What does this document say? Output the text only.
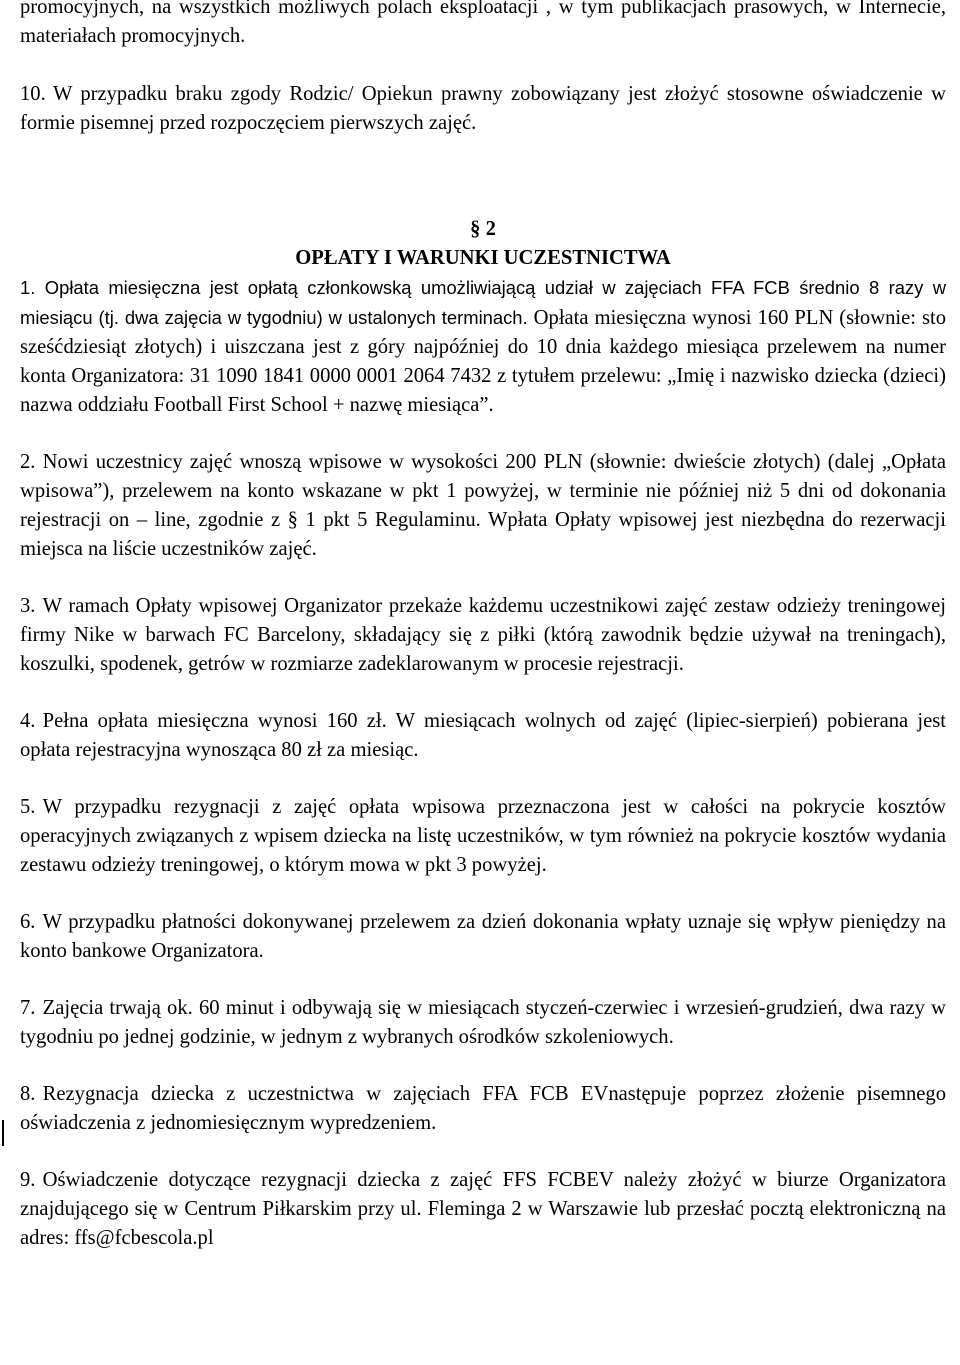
promocyjnych, na wszystkich możliwych polach eksploatacji , w tym publikacjach prasowych, w Internecie, materiałach promocyjnych.

10. W przypadku braku zgody Rodzic/ Opiekun prawny zobowiązany jest złożyć stosowne oświadczenie w formie pisemnej przed rozpoczęciem pierwszych zajęć.

§ 2

OPŁATY I WARUNKI UCZESTNICTWA

1. Opłata miesięczna jest opłatą członkowską umożliwiającą udział w zajęciach FFA FCB średnio 8 razy w miesiącu (tj. dwa zajęcia w tygodniu) w ustalonych terminach. Opłata miesięczna wynosi 160 PLN (słownie: sto sześćdziesiąt złotych) i uiszczana jest z góry najpóźniej do 10 dnia każdego miesiąca przelewem na numer konta Organizatora: 31 1090 1841 0000 0001 2064 7432 z tytułem przelewu: „Imię i nazwisko dziecka (dzieci) nazwa oddziału Football First School + nazwę miesiąca”.

2. Nowi uczestnicy zajęć wnoszą wpisowe w wysokości 200 PLN (słownie: dwieście złotych) (dalej „Opłata wpisowa”), przelewem na konto wskazane w pkt 1 powyżej, w terminie nie później niż 5 dni od dokonania rejestracji on – line, zgodnie z § 1 pkt 5 Regulaminu. Wpłata Opłaty wpisowej jest niezbędna do rezerwacji miejsca na liście uczestników zajęć.

3. W ramach Opłaty wpisowej Organizator przekaże każdemu uczestnikowi zajęć zestaw odzieży treningowej firmy Nike w barwach FC Barcelony, składający się z piłki (którą zawodnik będzie używał na treningach), koszulki, spodenek, getrów w rozmiarze zadeklarowanym w procesie rejestracji.

4. Pełna opłata miesięczna wynosi 160 zł. W miesiącach wolnych od zajęć (lipiec-sierpień) pobierana jest opłata rejestracyjna wynosząca 80 zł za miesiąc.

5. W przypadku rezygnacji z zajęć opłata wpisowa przeznaczona jest w całości na pokrycie kosztów operacyjnych związanych z wpisem dziecka na listę uczestników, w tym również na pokrycie kosztów wydania zestawu odzieży treningowej, o którym mowa w pkt 3 powyżej.

6. W przypadku płatności dokonywanej przelewem za dzień dokonania wpłaty uznaje się wpływ pieniędzy na konto bankowe Organizatora.

7. Zajęcia trwają ok. 60 minut i odbywają się w miesiącach styczeń-czerwiec i wrzesień-grudzień, dwa razy w tygodniu po jednej godzinie, w jednym z wybranych ośrodków szkoleniowych.

8. Rezygnacja dziecka z uczestnictwa w zajęciach FFA FCB EVnastępuje poprzez złożenie pisemnego oświadczenia z jednomiesięcznym wypredzeniem.

9. Oświadczenie dotyczące rezygnacji dziecka z zajęć FFS FCBEV należy złożyć w biurze Organizatora znajdującego się w Centrum Piłkarskim przy ul. Fleminga 2 w Warszawie lub przesłać pocztą elektroniczną na adres: ffs@fcbescola.pl
